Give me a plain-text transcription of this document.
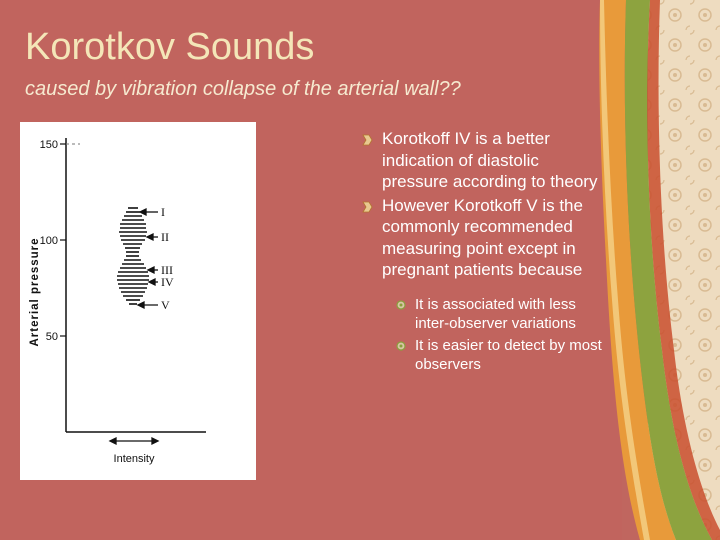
Korotkov Sounds

caused by vibration collapse of the arterial wall??

150
100
50
Arterial pressure
I
II
III
IV
V
Intensity
Korotkoff IV is a better indication of diastolic pressure according to theory
However Korotkoff V is the commonly recommended measuring point except in pregnant patients because
It is associated with less inter-observer variations
It is easier to detect by most observers
